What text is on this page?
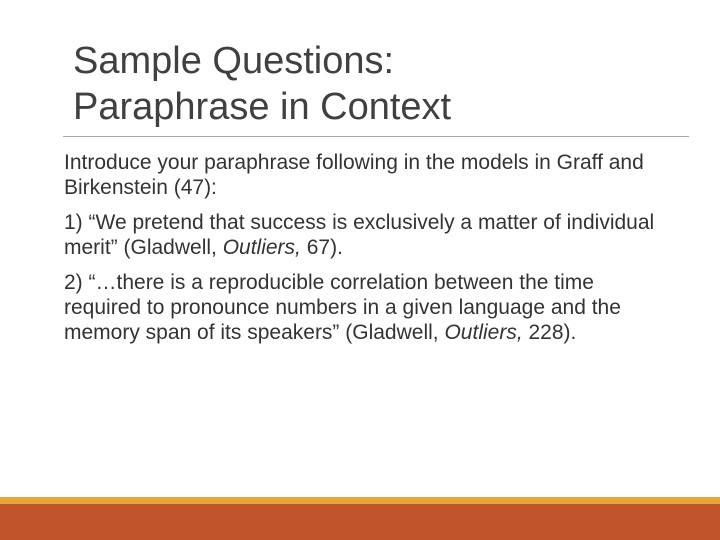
Sample Questions:
Paraphrase in Context

Introduce your paraphrase following in the models in Graff and Birkenstein (47):

1) “We pretend that success is exclusively a matter of individual merit” (Gladwell, Outliers, 67).

2) “…there is a reproducible correlation between the time required to pronounce numbers in a given language and the memory span of its speakers” (Gladwell, Outliers, 228).
